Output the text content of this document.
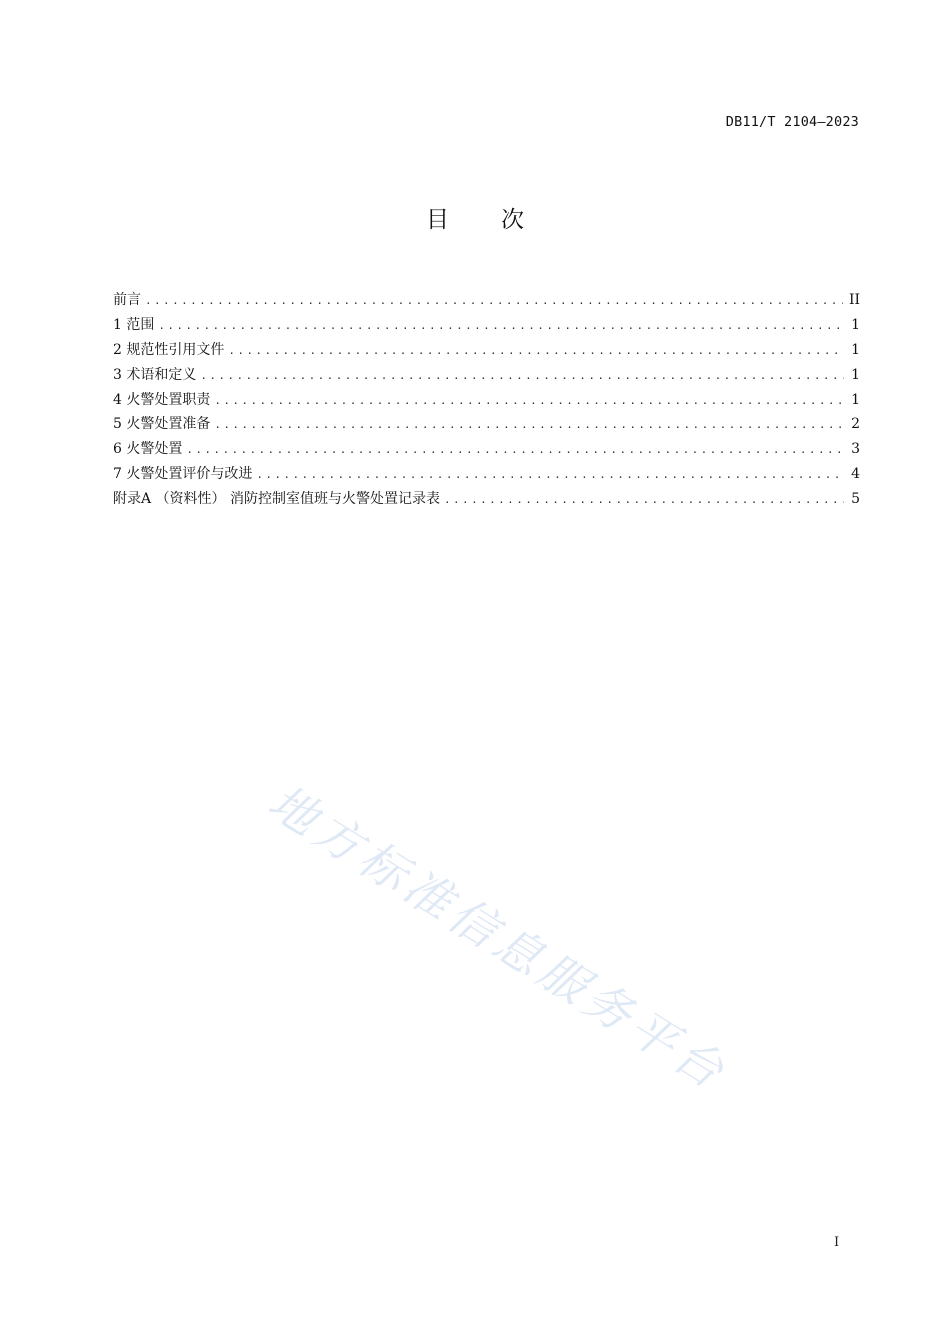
DB11/T 2104—2023
目 次
前言 .....	II
1 范围 .....	1
2 规范性引用文件 .....	1
3 术语和定义 .....	1
4 火警处置职责 .....	1
5 火警处置准备 .....	2
6 火警处置 .....	3
7 火警处置评价与改进 .....	4
附录A （资料性） 消防控制室值班与火警处置记录表 .....	5
地方标准信息服务平台
I
